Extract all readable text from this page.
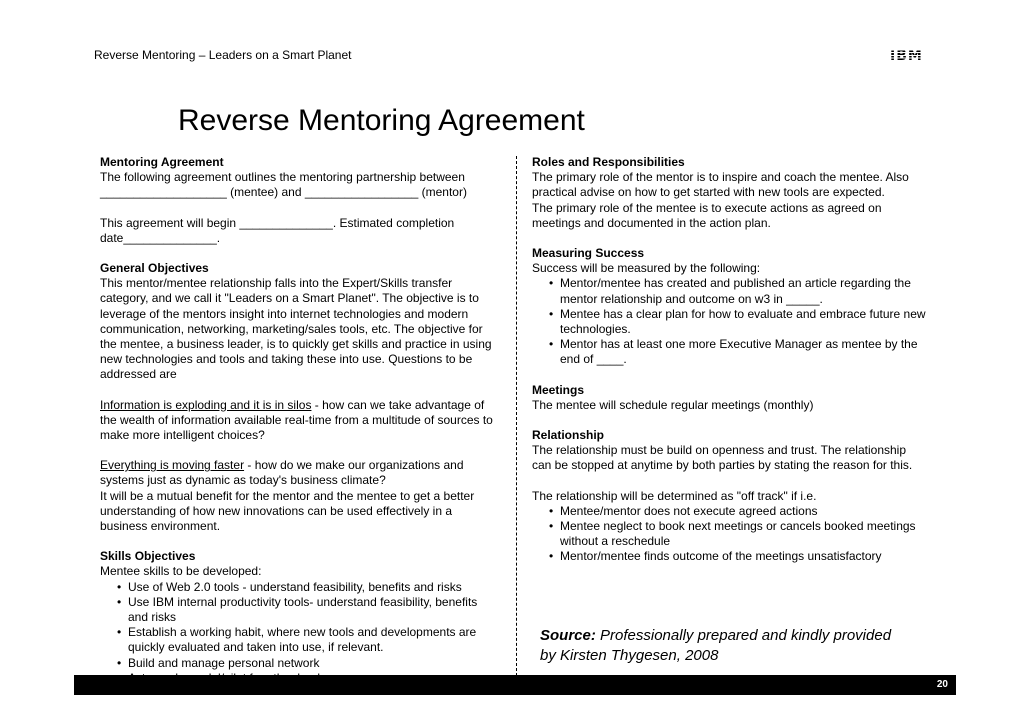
Reverse Mentoring – Leaders on a Smart Planet	IBM
Reverse Mentoring Agreement

Mentoring Agreement

The following agreement outlines the mentoring partnership between

___________________ (mentee) and _________________ (mentor)

This agreement will begin ______________. Estimated completion

date______________.

General Objectives

This mentor/mentee relationship falls into the Expert/Skills transfer

category, and we call it "Leaders on a Smart Planet". The objective is to

leverage of the mentors insight into internet technologies and modern

communication, networking, marketing/sales tools, etc. The objective for

the mentee, a business leader, is to quickly get skills and practice in using

new technologies and tools and taking these into use. Questions to be

addressed are

Information is exploding and it is in silos - how can we take advantage of

the wealth of information available real-time from a multitude of sources to

make more intelligent choices?

Everything is moving faster - how do we make our organizations and

systems just as dynamic as today's business climate?

It will be a mutual benefit for the mentor and the mentee to get a better

understanding of how new innovations can be used effectively in a

business environment.

Skills Objectives

Mentee skills to be developed:

• Use of Web 2.0 tools - understand feasibility, benefits and risks
• Use IBM internal productivity tools- understand feasibility, benefits and risks
• Establish a working habit, where new tools and developments are quickly evaluated and taken into use, if relevant.
• Build and manage personal network
•

Roles and Responsibilities

The primary role of the mentor is to inspire and coach the mentee. Also

practical advise on how to get started with new tools are expected.

The primary role of the mentee is to execute actions as agreed on

meetings and documented in the action plan.

Measuring Success

Success will be measured by the following:

• Mentor/mentee has created and published an article regarding the mentor relationship and outcome on w3 in _____.
• Mentee has a clear plan for how to evaluate and embrace future new technologies.
• Mentor has at least one more Executive Manager as mentee by the end of ____.

Meetings

The mentee will schedule regular meetings (monthly)

Relationship

The relationship must be build on openness and trust. The relationship

can be stopped at anytime by both parties by stating the reason for this.

The relationship will be determined as "off track" if i.e.

• Mentee/mentor does not execute agreed actions
• Mentee neglect to book next meetings or cancels booked meetings without a reschedule
• Mentor/mentee finds outcome of the meetings unsatisfactory
Source: Professionally prepared and kindly provided
by Kirsten Thygesen, 2008
20
